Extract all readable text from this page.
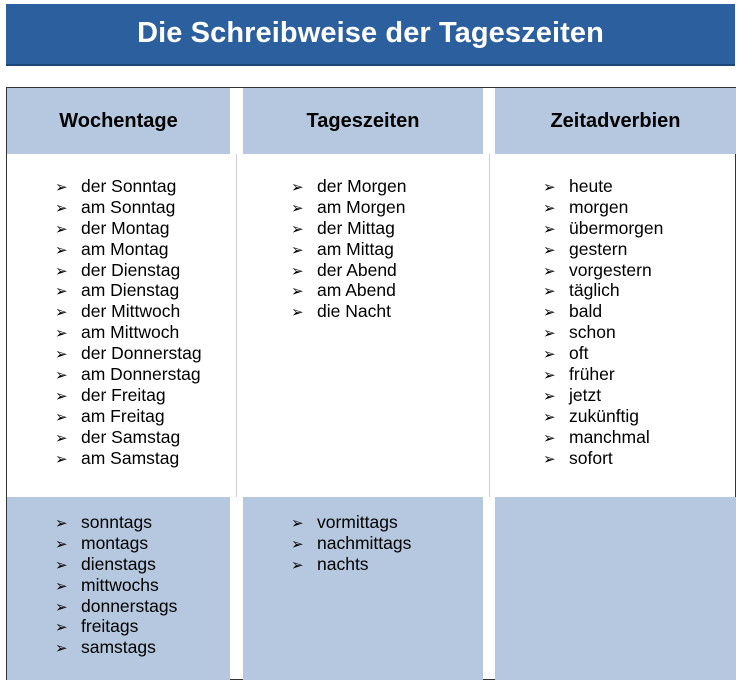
Die Schreibweise der Tageszeiten
Wochentage	Tageszeiten	Zeitadverbien
➢ der Sonntag
➢ am Sonntag
➢ der Montag
➢ am Montag
➢ der Dienstag
➢ am Dienstag
➢ der Mittwoch
➢ am Mittwoch
➢ der Donnerstag
➢ am Donnerstag
➢ der Freitag
➢ am Freitag
➢ der Samstag
➢ am Samstag
➢ der Morgen
➢ am Morgen
➢ der Mittag
➢ am Mittag
➢ der Abend
➢ am Abend
➢ die Nacht
➢ heute
➢ morgen
➢ übermorgen
➢ gestern
➢ vorgestern
➢ täglich
➢ bald
➢ schon
➢ oft
➢ früher
➢ jetzt
➢ zukünftig
➢ manchmal
➢ sofort
➢ sonntags
➢ montags
➢ dienstags
➢ mittwochs
➢ donnerstags
➢ freitags
➢ samstags
➢ vormittags
➢ nachmittags
➢ nachts
